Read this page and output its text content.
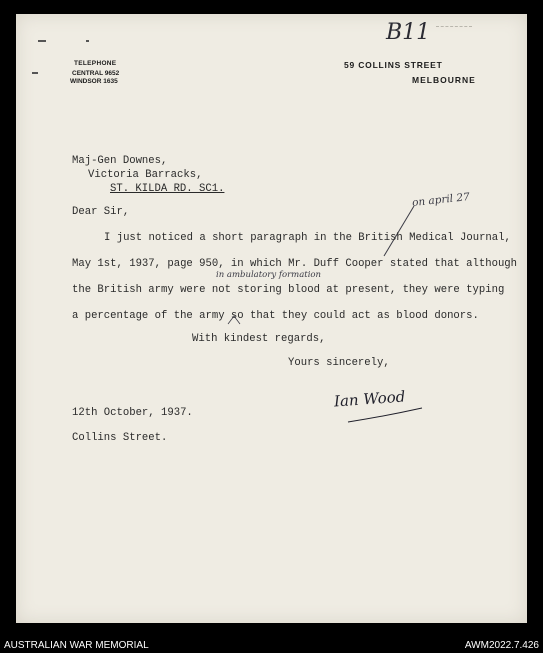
TELEPHONE
CENTRAL 9652
WINDSOR 1635
59 COLLINS STREET
MELBOURNE
B11
Maj-Gen Downes,
Victoria Barracks,
ST. KILDA RD. SC1.
Dear Sir,
on april 27
I just noticed a short paragraph in the British Medical Journal,
May 1st, 1937, page 950, in which Mr. Duff Cooper stated that although
in ambulatory formation
the British army were not storing blood at present, they were typing
a percentage of the army so that they could act as blood donors.
With kindest regards,
Yours sincerely,
Ian Wood
12th October, 1937.
Collins Street.
AUSTRALIAN WAR MEMORIAL	AWM2022.7.426
